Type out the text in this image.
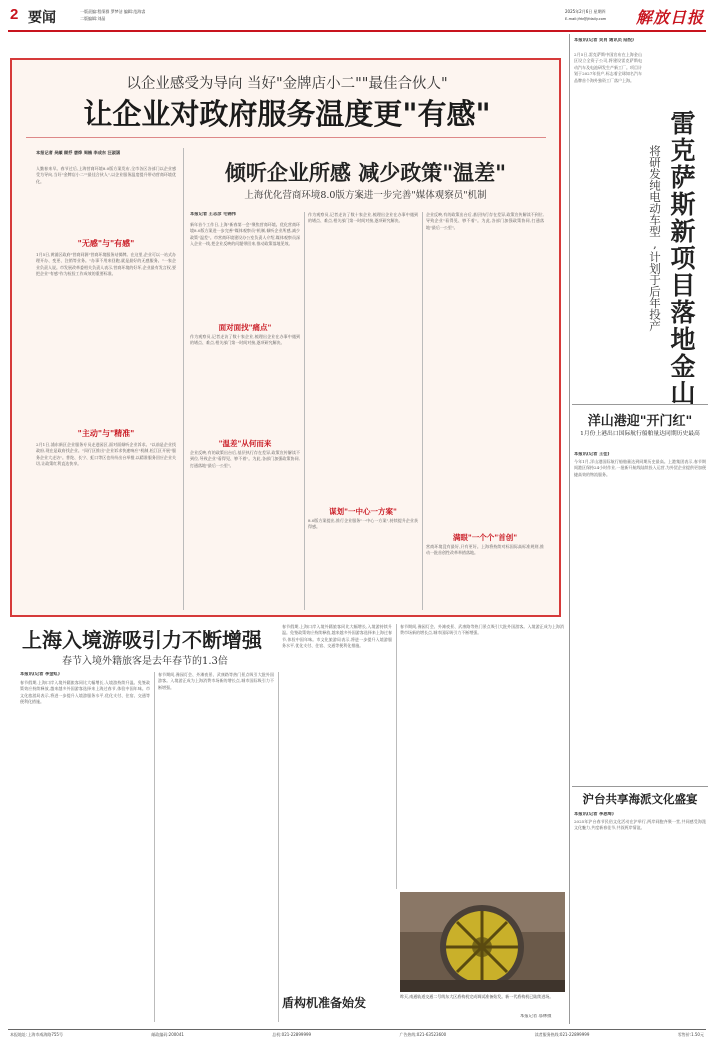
2 要闻	一版责编:程绩群 罗梦洁 编辑:范海睿
二版编辑:刘晶
2025年2月6日 星期四
E-mail:jfrb@jfdaily.com	解放日报
以企业感受为导向 当好"金牌店小二""最佳合伙人"
让企业对政府服务温度更"有感"
本报记者 吴頔 顾抒 唐烨 周楠 李成东 汪淑涵
人勤春来早。春节过后,上海营商环境8.0版方案发布,全市各区各部门以企业感受为导向,当好"金牌店小二""最佳合伙人",以企业服务温度提升带动营商环境优化。
"无感"与"有感"
1月5日,黄浦区政府"营商同源"营商环境服务站揭牌。在这里,企业可以一站式办理开办、变更、注销等业务。"办事不用来回跑,就是最好的无感服务。"一家企业负责人说。市发展改革委相关负责人表示,营商环境的好坏,企业最有发言权,要把企业"有感"作为检验工作成效的重要标准。
"主动"与"精准"
2月1日,浦东新区企业服务专员走进园区,面对面倾听企业诉求。"以前是企业找政府,现在是政府找企业。"闵行区推出"企业诉求快速响应"机制,松江区开展"服务企业大走访"。普陀、长宁、虹口等区也纷纷出台举措,以精准服务回应企业关切,让政策红利直达快享。
倾听企业所感 减少政策"温差"
上海优化营商环境8.0版方案进一步完善"媒体观察员"机制
本报记者 王志彦 毛锦伟
新年首个工作日,上海"新春第一会"聚焦营商环境。优化营商环境8.0版方案进一步完善"媒体观察员"机制,倾听企业所感,减少政策"温差"。市营商环境建设办公室负责人介绍,媒体观察员深入企业一线,把企业反映的问题带回来,推动政策落地见效。
面对面找"痛点"
作为观察员,记者走访了数十家企业,梳理出企业在办事中遇到的堵点、难点,相关部门第一时间对接,逐项研究解决。
"温差"从何而来
企业反映,有的政策出台后,基层执行存在差异,政策宣传解读不到位,导致企业"看得见、够不着"。为此,各部门加强政策协同,打通落地"最后一公里"。
作为观察员,记者走访了数十家企业,梳理出企业在办事中遇到的堵点、难点,相关部门第一时间对接,逐项研究解决。
谋划"一中心一方案"
8.0版方案提出,推行企业服务"一中心一方案",持续提升企业获得感。
企业反映,有的政策出台后,基层执行存在差异,政策宣传解读不到位,导致企业"看得见、够不着"。为此,各部门加强政策协同,打通落地"最后一公里"。
满眼"一个个"首创"
营商环境没有最好,只有更好。上海将持续对标国际高标准规则,推动一批首创性改革举措落地。
本报讯(记者 吴肖 通讯员 陆悦)
2月5日,雷克萨斯中国宣布在上海金山区设立全资子公司,将建设雷克萨斯电动汽车及电池研发生产新工厂。项目计划于2027年投产,标志着全球知名汽车品牌首个海外独资工厂落户上海。
雷克萨斯新项目落地金山
将研发纯电动车型,计划于后年投产
洋山港迎"开门红"
1月份上港出口国际航行船舶量达同期历史最高
本报讯(记者 王佳)
今年1月,洋山港国际航行船舶量达到同期历史最高。上港集团表示,春节期间港区保持24小时作业,一批新开航线陆续投入运营,为外贸企业提供更加便捷高效的物流服务。
沪台共享海派文化盛宴
本报讯(记者 李思绮)
2025年沪台春节民俗文化活动在沪举行,两岸同胞齐聚一堂,共同感受海派文化魅力,共度新春佳节,共叙两岸情谊。
上海入境游吸引力不断增强
春节入境外籍旅客是去年春节的1.3倍
本报讯(记者 李金虹)
春节假期,上海口岸入境外籍旅客同比大幅增长,入境游持续升温。免签政策效应持续释放,越来越多外国游客选择来上海过春节,体验中国年味。市文化旅游局表示,将进一步提升入境游服务水平,优化支付、住宿、交通等便利化措施。
春节期间,豫园灯会、外滩夜景、武康路等热门景点吸引大批外国游客。入境游正成为上海消费市场新的增长点,城市国际吸引力不断增强。
春节假期,上海口岸入境外籍旅客同比大幅增长,入境游持续升温。免签政策效应持续释放,越来越多外国游客选择来上海过春节,体验中国年味。市文化旅游局表示,将进一步提升入境游服务水平,优化支付、住宿、交通等便利化措施。
春节期间,豫园灯会、外滩夜景、武康路等热门景点吸引大批外国游客。入境游正成为上海消费市场新的增长点,城市国际吸引力不断增强。
盾构机准备始发	昨天,南通轨道交通二号线东大区盾构机完成调试准备始发。新一代盾构机已陆续进场。
本报记者 邬林摄
本报地址:上海市威海路755号	邮政编码:200041	总机:021-22899999	广告热线:021-63523600	读者服务热线:021-22899999	零售价:1.50元
